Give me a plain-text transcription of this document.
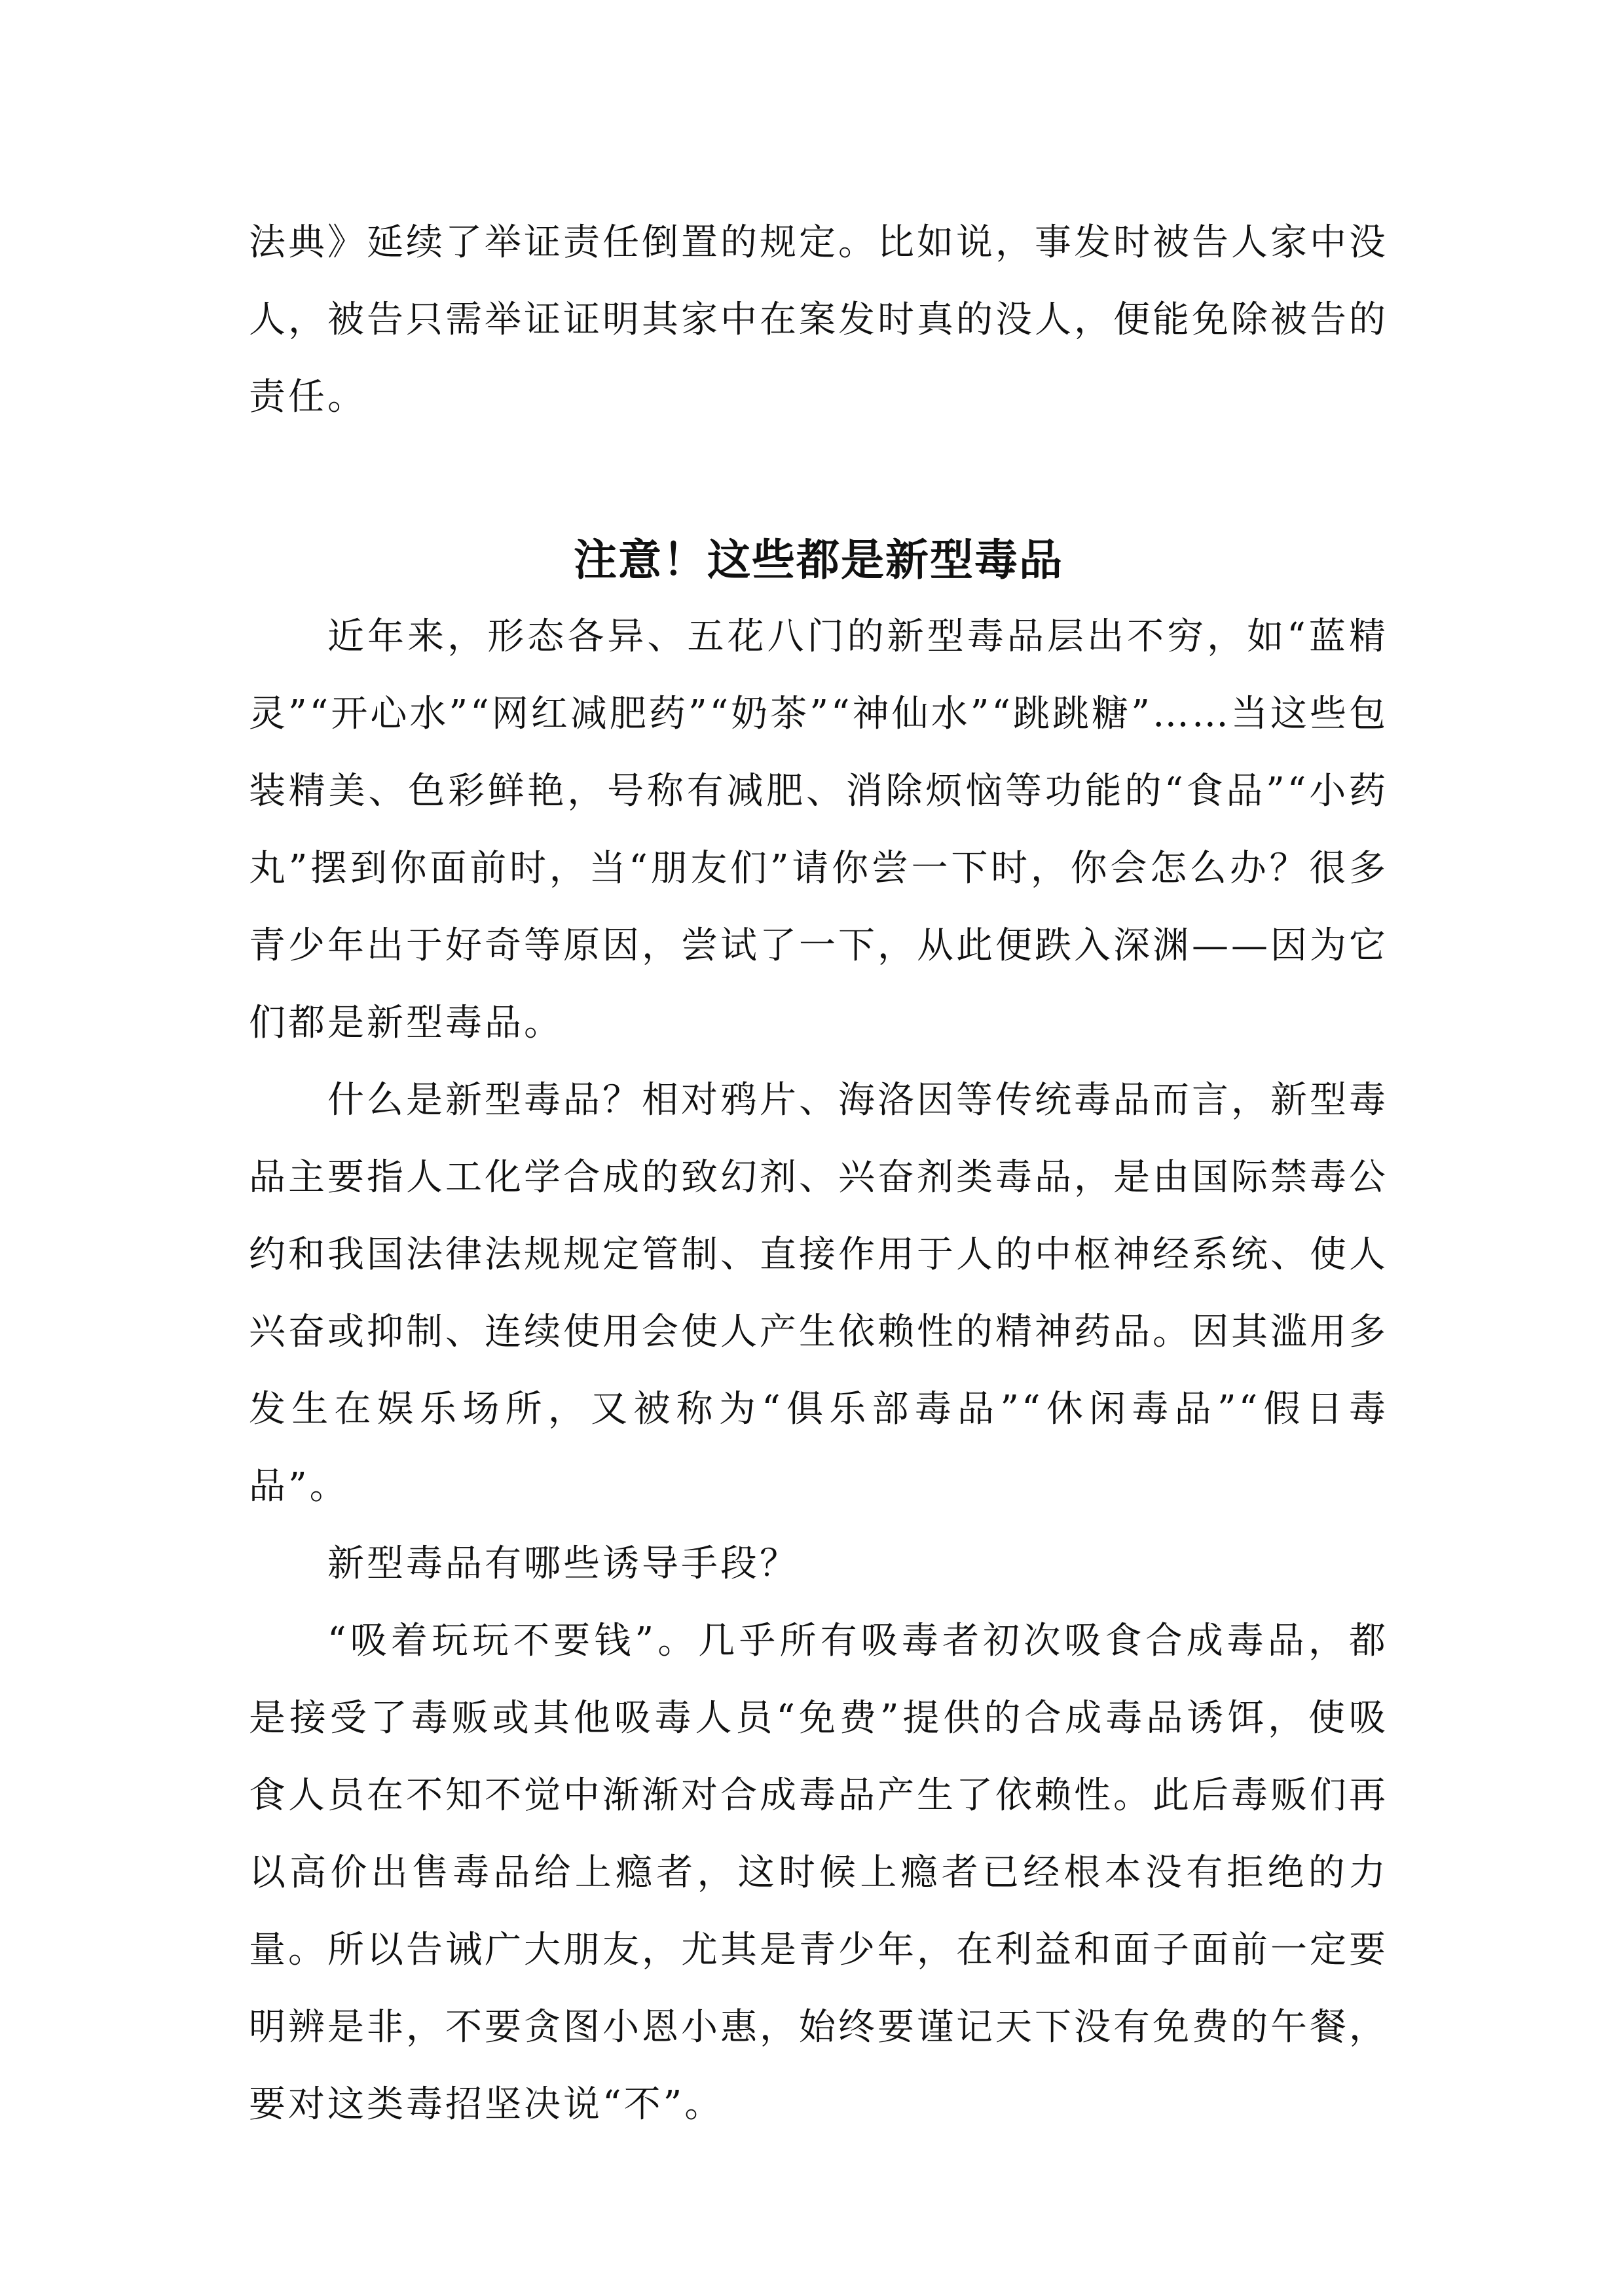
法典》延续了举证责任倒置的规定。比如说，事发时被告人家中没人，被告只需举证证明其家中在案发时真的没人，便能免除被告的责任。

注意！这些都是新型毒品

近年来，形态各异、五花八门的新型毒品层出不穷，如“蓝精灵”“开心水”“网红减肥药”“奶茶”“神仙水”“跳跳糖”……当这些包装精美、色彩鲜艳，号称有减肥、消除烦恼等功能的“食品”“小药丸”摆到你面前时，当“朋友们”请你尝一下时，你会怎么办？很多青少年出于好奇等原因，尝试了一下，从此便跌入深渊——因为它们都是新型毒品。

什么是新型毒品？相对鸦片、海洛因等传统毒品而言，新型毒品主要指人工化学合成的致幻剂、兴奋剂类毒品，是由国际禁毒公约和我国法律法规规定管制、直接作用于人的中枢神经系统、使人兴奋或抑制、连续使用会使人产生依赖性的精神药品。因其滥用多发生在娱乐场所，又被称为“俱乐部毒品”“休闲毒品”“假日毒品”。

新型毒品有哪些诱导手段？

“吸着玩玩不要钱”。几乎所有吸毒者初次吸食合成毒品，都是接受了毒贩或其他吸毒人员“免费”提供的合成毒品诱饵，使吸食人员在不知不觉中渐渐对合成毒品产生了依赖性。此后毒贩们再以高价出售毒品给上瘾者，这时候上瘾者已经根本没有拒绝的力量。所以告诫广大朋友，尤其是青少年，在利益和面子面前一定要明辨是非，不要贪图小恩小惠，始终要谨记天下没有免费的午餐，要对这类毒招坚决说“不”。
